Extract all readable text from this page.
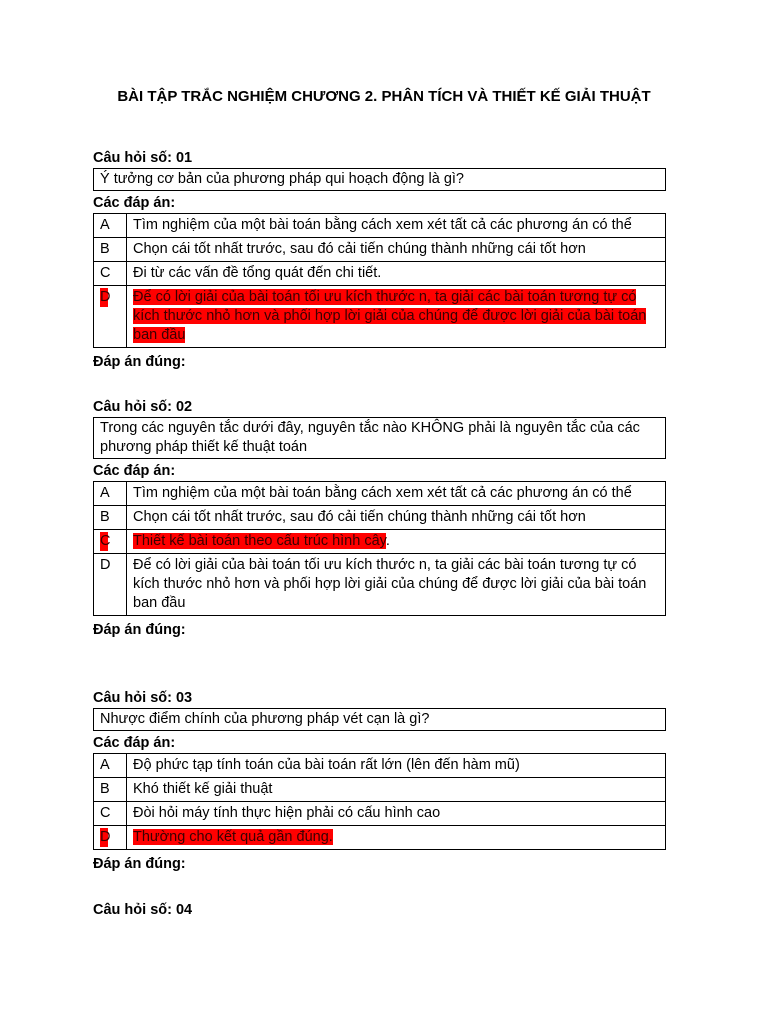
BÀI TẬP TRẮC NGHIỆM CHƯƠNG 2. PHÂN TÍCH VÀ THIẾT KẾ GIẢI THUẬT
Câu hỏi số: 01
Ý tưởng cơ bản của phương pháp qui hoạch động là gì?
Các đáp án:
A	Tìm nghiệm của một bài toán bằng cách xem xét tất cả các phương án có thể
B	Chọn cái tốt nhất trước, sau đó cải tiến chúng thành những cái tốt hơn
C	Đi từ các vấn đề tổng quát đến chi tiết.
D	Để có lời giải của bài toán tối ưu kích thước n, ta giải các bài toán tương tự có kích thước nhỏ hơn và phối hợp lời giải của chúng để được lời giải của bài toán ban đầu
Đáp án đúng:
Câu hỏi số: 02
Trong các nguyên tắc dưới đây, nguyên tắc nào KHÔNG phải là nguyên tắc của các phương pháp thiết kế thuật toán
Các đáp án:
A	Tìm nghiệm của một bài toán bằng cách xem xét tất cả các phương án có thể
B	Chọn cái tốt nhất trước, sau đó cải tiến chúng thành những cái tốt hơn
C	Thiết kế bài toán theo cấu trúc hình cây.
D	Để có lời giải của bài toán tối ưu kích thước n, ta giải các bài toán tương tự có kích thước nhỏ hơn và phối hợp lời giải của chúng để được lời giải của bài toán ban đầu
Đáp án đúng:
Câu hỏi số: 03
Nhược điểm chính của phương pháp vét cạn là gì?
Các đáp án:
A	Độ phức tạp tính toán của bài toán rất lớn (lên đến hàm mũ)
B	Khó thiết kế giải thuật
C	Đòi hỏi máy tính thực hiện phải có cấu hình cao
D	Thường cho kết quả gần đúng.
Đáp án đúng:
Câu hỏi số: 04
